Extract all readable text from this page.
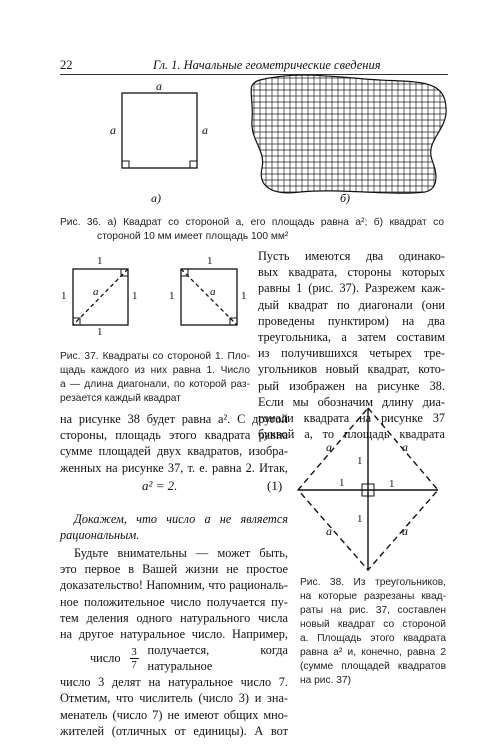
22	Гл. 1. Начальные геометрические сведения
a
a	a
а)	б)
Рис. 36. а) Квадрат со стороной a, его площадь равна a²; б) квадрат со
стороной 10 мм имеет площадь 100 мм²
1
1 a
1
1
1
1	a 1
Рис. 37. Квадраты со стороной 1. Пло-
щадь каждого из них равна 1. Число
a — длина диагонали, по которой раз-
резается каждый квадрат
Пусть имеются два одинако-
вых квадрата, стороны которых
равны 1 (рис. 37). Разрежем каж-
дый квадрат по диагонали (они
проведены пунктиром) на два
треугольника, а затем составим
из получившихся четырех тре-
угольников новый квадрат, кото-
рый изображен на рисунке 38.
Если мы обозначим длину диа-
гонали квадрата на рисунке 37
буквой a, то площадь квадрата
на рисунке 38 будет равна a². С другой
стороны, площадь этого квадрата равна
сумме площадей двух квадратов, изобра-
женных на рисунке 37, т. е. равна 2. Итак,
a² = 2.	(1)
Докажем, что число a не является
рациональным.
Будьте внимательны — может быть,
это первое в Вашей жизни не простое
доказательство! Напомним, что рациональ-
ное положительное число получается пу-
тем деления одного натурального числа
на другое натуральное число. Например,
число 3
7
получается, когда натуральное
число 3 делят на натуральное число 7.
Отметим, что числитель (число 3) и зна-
менатель (число 7) не имеют общих мно-
жителей (отличных от единицы). А вот
a	a
a	a
1
1	1
1
Рис. 38. Из треугольников,
на которые разрезаны квад-
раты на рис. 37, составлен
новый квадрат со стороной
a. Площадь этого квадрата
равна a² и, конечно, равна 2
(сумме площадей квадратов
на рис. 37)
